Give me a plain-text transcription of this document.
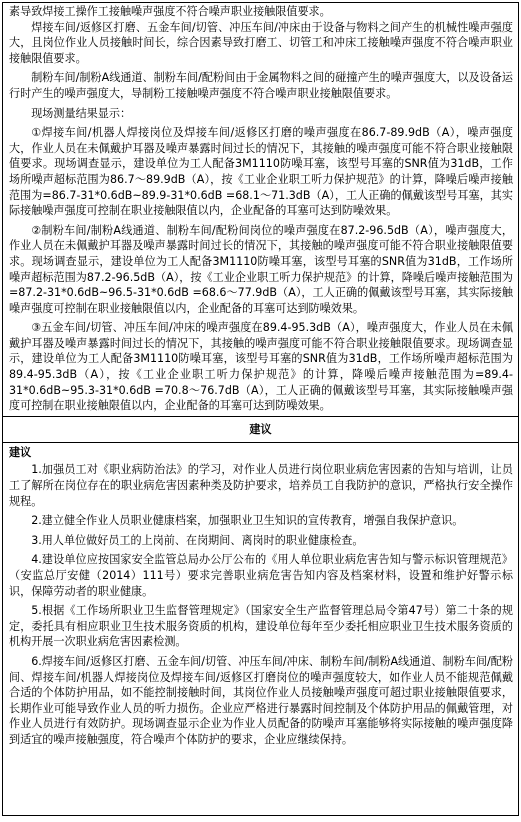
素导致焊接工操作工接触噪声强度不符合噪声职业接触限值要求。

焊接车间/返修区打磨、五金车间/切管、冲压车间/冲床由于设备与物料之间产生的机械性噪声强度大，且岗位作业人员接触时间长，综合因素导致打磨工、切管工和冲床工接触噪声强度不符合噪声职业接触限值要求。

制粉车间/制粉A线通道、制粉车间/配粉间由于金属物料之间的碰撞产生的噪声强度大，以及设备运行时产生的噪声强度大，导制粉工接触噪声强度不符合噪声职业接触限值要求。

现场测量结果显示：

①焊接车间/机器人焊接岗位及焊接车间/返修区打磨的噪声强度在86.7-89.9dB（A），噪声强度大，作业人员在未佩戴护耳器及噪声暴露时间过长的情况下，其接触的噪声强度可能不符合职业接触限值要求。现场调查显示，建设单位为工人配备3M1110防噪耳塞，该型号耳塞的SNR值为31dB，工作场所噪声超标范围为86.7～89.9dB（A），按《工业企业职工听力保护规范》的计算，降噪后噪声接触范围为=86.7-31*0.6dB~89.9-31*0.6dB =68.1～71.3dB（A），工人正确的佩戴该型号耳塞，其实际接触噪声强度可控制在职业接触限值以内，企业配备的耳塞可达到防噪效果。

②制粉车间/制粉A线通道、制粉车间/配粉间岗位的噪声强度在87.2-96.5dB（A），噪声强度大，作业人员在未佩戴护耳器及噪声暴露时间过长的情况下，其接触的噪声强度可能不符合职业接触限值要求。现场调查显示，建设单位为工人配备3M1110防噪耳塞，该型号耳塞的SNR值为31dB，工作场所噪声超标范围为87.2-96.5dB（A），按《工业企业职工听力保护规范》的计算，降噪后噪声接触范围为=87.2-31*0.6dB~96.5-31*0.6dB =68.6～77.9dB（A），工人正确的佩戴该型号耳塞，其实际接触噪声强度可控制在职业接触限值以内，企业配备的耳塞可达到防噪效果。

③五金车间/切管、冲压车间/冲床的噪声强度在89.4-95.3dB（A），噪声强度大，作业人员在未佩戴护耳器及噪声暴露时间过长的情况下，其接触的噪声强度可能不符合职业接触限值要求。现场调查显示，建设单位为工人配备3M1110防噪耳塞，该型号耳塞的SNR值为31dB，工作场所噪声超标范围为89.4-95.3dB（A），按《工业企业职工听力保护规范》的计算，降噪后噪声接触范围为=89.4-31*0.6dB~95.3-31*0.6dB =70.8～76.7dB（A），工人正确的佩戴该型号耳塞，其实际接触噪声强度可控制在职业接触限值以内，企业配备的耳塞可达到防噪效果。

建议

建议

1.加强员工对《职业病防治法》的学习，对作业人员进行岗位职业病危害因素的告知与培训，让员工了解所在岗位存在的职业病危害因素种类及防护要求，培养员工自我防护的意识，严格执行安全操作规程。

2.建立健全作业人员职业健康档案，加强职业卫生知识的宣传教育，增强自我保护意识。

3.用人单位做好员工的上岗前、在岗期间、离岗时的职业健康检查。

4.建设单位应按国家安全监管总局办公厅公布的《用人单位职业病危害告知与警示标识管理规范》（安监总厅安健（2014）111号）要求完善职业病危害告知内容及档案材料，设置和维护好警示标识，保障劳动者的职业健康。

5.根据《工作场所职业卫生监督管理规定》（国家安全生产监督管理总局令第47号）第二十条的规定，委托具有相应职业卫生技术服务资质的机构，建设单位每年至少委托相应职业卫生技术服务资质的机构开展一次职业病危害因素检测。

6.焊接车间/返修区打磨、五金车间/切管、冲压车间/冲床、制粉车间/制粉A线通道、制粉车间/配粉间、焊接车间/机器人焊接岗位及焊接车间/返修区打磨岗位的噪声强度较大，如作业人员不能规范佩戴合适的个体防护用品，如不能控制接触时间，其岗位作业人员接触噪声强度可超过职业接触限值要求，长期作业可能导致作业人员的听力损伤。企业应严格进行暴露时间控制及个体防护用品的佩戴管理，对作业人员进行有效防护。现场调查显示企业为作业人员配备的防噪声耳塞能够将实际接触的噪声强度降到适宜的噪声接触强度，符合噪声个体防护的要求，企业应继续保持。
